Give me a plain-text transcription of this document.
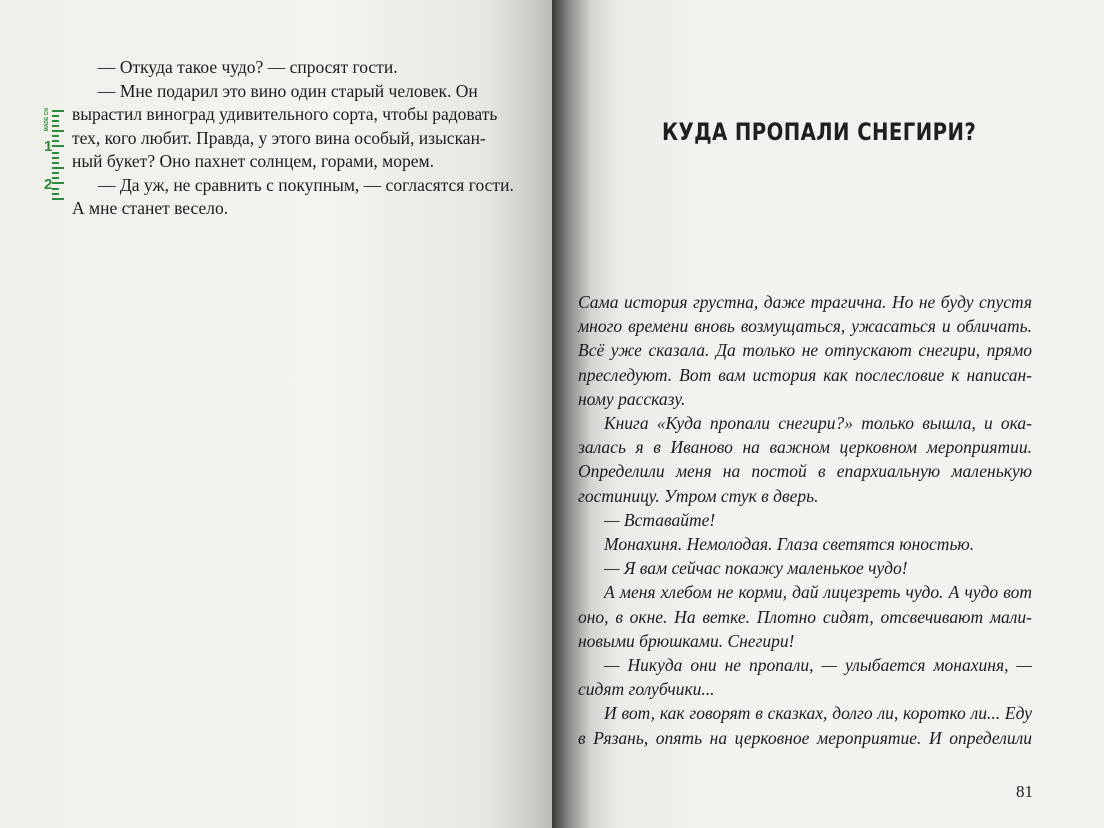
— Откуда такое чудо? — спросят гости.

— Мне подарил это вино один старый человек. Он

вырастил виноград удивительного сорта, чтобы радовать

тех, кого любит. Правда, у этого вина особый, изыскан-

ный букет? Оно пахнет солнцем, горами, морем.

— Да уж, не сравнить с покупным, — согласятся гости.

А мне станет весело.

MADE CN
1
2
КУДА ПРОПАЛИ СНЕГИРИ?

Сама история грустна, даже трагична. Но не буду спустя

много времени вновь возмущаться, ужасаться и обличать.

Всё уже сказала. Да только не отпускают снегири, прямо

преследуют. Вот вам история как послесловие к написан-

ному рассказу.

Книга «Куда пропали снегири?» только вышла, и ока-

залась я в Иваново на важном церковном мероприятии.

Определили меня на постой в епархиальную маленькую

гостиницу. Утром стук в дверь.

— Вставайте!

Монахиня. Немолодая. Глаза светятся юностью.

— Я вам сейчас покажу маленькое чудо!

А меня хлебом не корми, дай лицезреть чудо. А чудо вот

оно, в окне. На ветке. Плотно сидят, отсвечивают мали-

новыми брюшками. Снегири!

— Никуда они не пропали, — улыбается монахиня, —

сидят голубчики...

И вот, как говорят в сказках, долго ли, коротко ли... Еду

в Рязань, опять на церковное мероприятие. И определили

81
